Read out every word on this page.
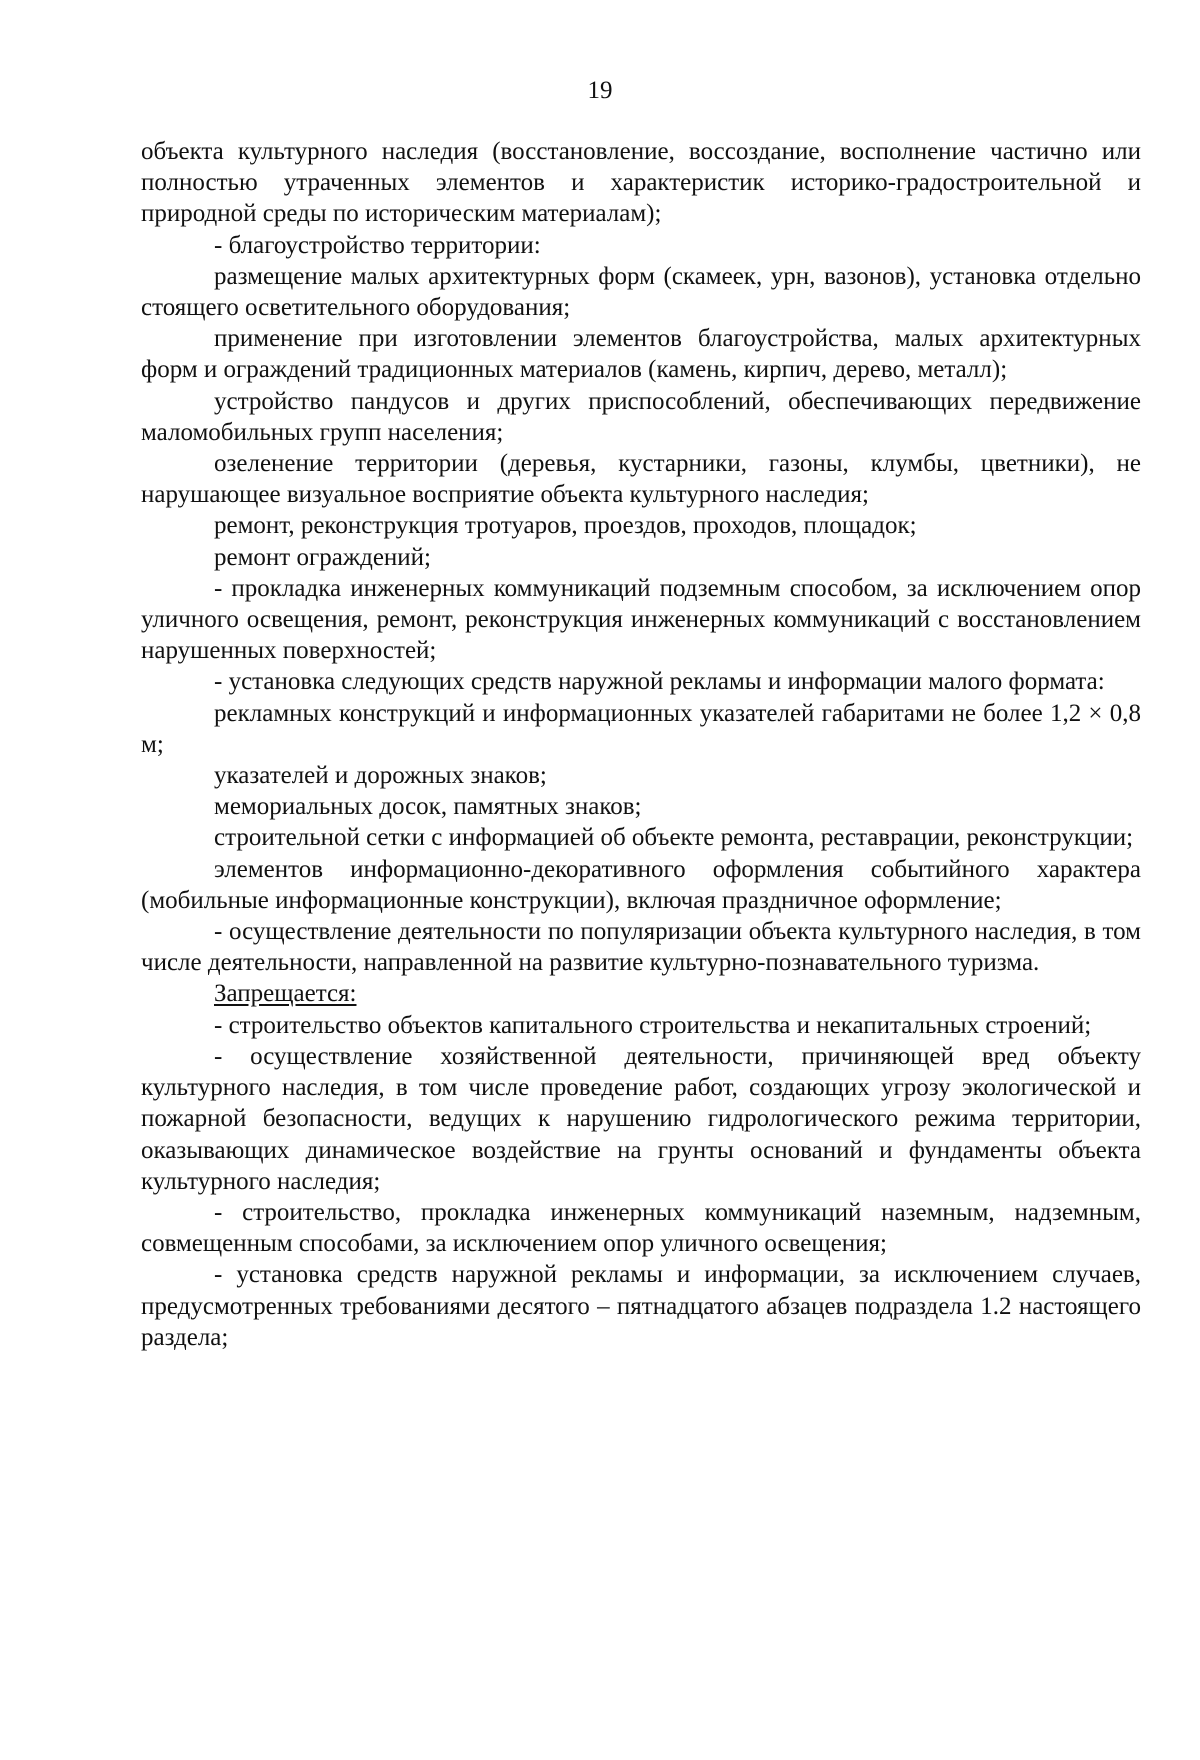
19

объекта культурного наследия (восстановление, воссоздание, восполнение частично или полностью утраченных элементов и характеристик историко-градостроительной и природной среды по историческим материалам);

- благоустройство территории:

размещение малых архитектурных форм (скамеек, урн, вазонов), установка отдельно стоящего осветительного оборудования;

применение при изготовлении элементов благоустройства, малых архитектурных форм и ограждений традиционных материалов (камень, кирпич, дерево, металл);

устройство пандусов и других приспособлений, обеспечивающих передвижение маломобильных групп населения;

озеленение территории (деревья, кустарники, газоны, клумбы, цветники), не нарушающее визуальное восприятие объекта культурного наследия;

ремонт, реконструкция тротуаров, проездов, проходов, площадок;

ремонт ограждений;

- прокладка инженерных коммуникаций подземным способом, за исключением опор уличного освещения, ремонт, реконструкция инженерных коммуникаций с восстановлением нарушенных поверхностей;

- установка следующих средств наружной рекламы и информации малого формата:

рекламных конструкций и информационных указателей габаритами не более 1,2 × 0,8 м;

указателей и дорожных знаков;

мемориальных досок, памятных знаков;

строительной сетки с информацией об объекте ремонта, реставрации, реконструкции;

элементов информационно-декоративного оформления событийного характера (мобильные информационные конструкции), включая праздничное оформление;

- осуществление деятельности по популяризации объекта культурного наследия, в том числе деятельности, направленной на развитие культурно-познавательного туризма.

Запрещается:

- строительство объектов капитального строительства и некапитальных строений;

- осуществление хозяйственной деятельности, причиняющей вред объекту культурного наследия, в том числе проведение работ, создающих угрозу экологической и пожарной безопасности, ведущих к нарушению гидрологического режима территории, оказывающих динамическое воздействие на грунты оснований и фундаменты объекта культурного наследия;

- строительство, прокладка инженерных коммуникаций наземным, надземным, совмещенным способами, за исключением опор уличного освещения;

- установка средств наружной рекламы и информации, за исключением случаев, предусмотренных требованиями десятого – пятнадцатого абзацев подраздела 1.2 настоящего раздела;
